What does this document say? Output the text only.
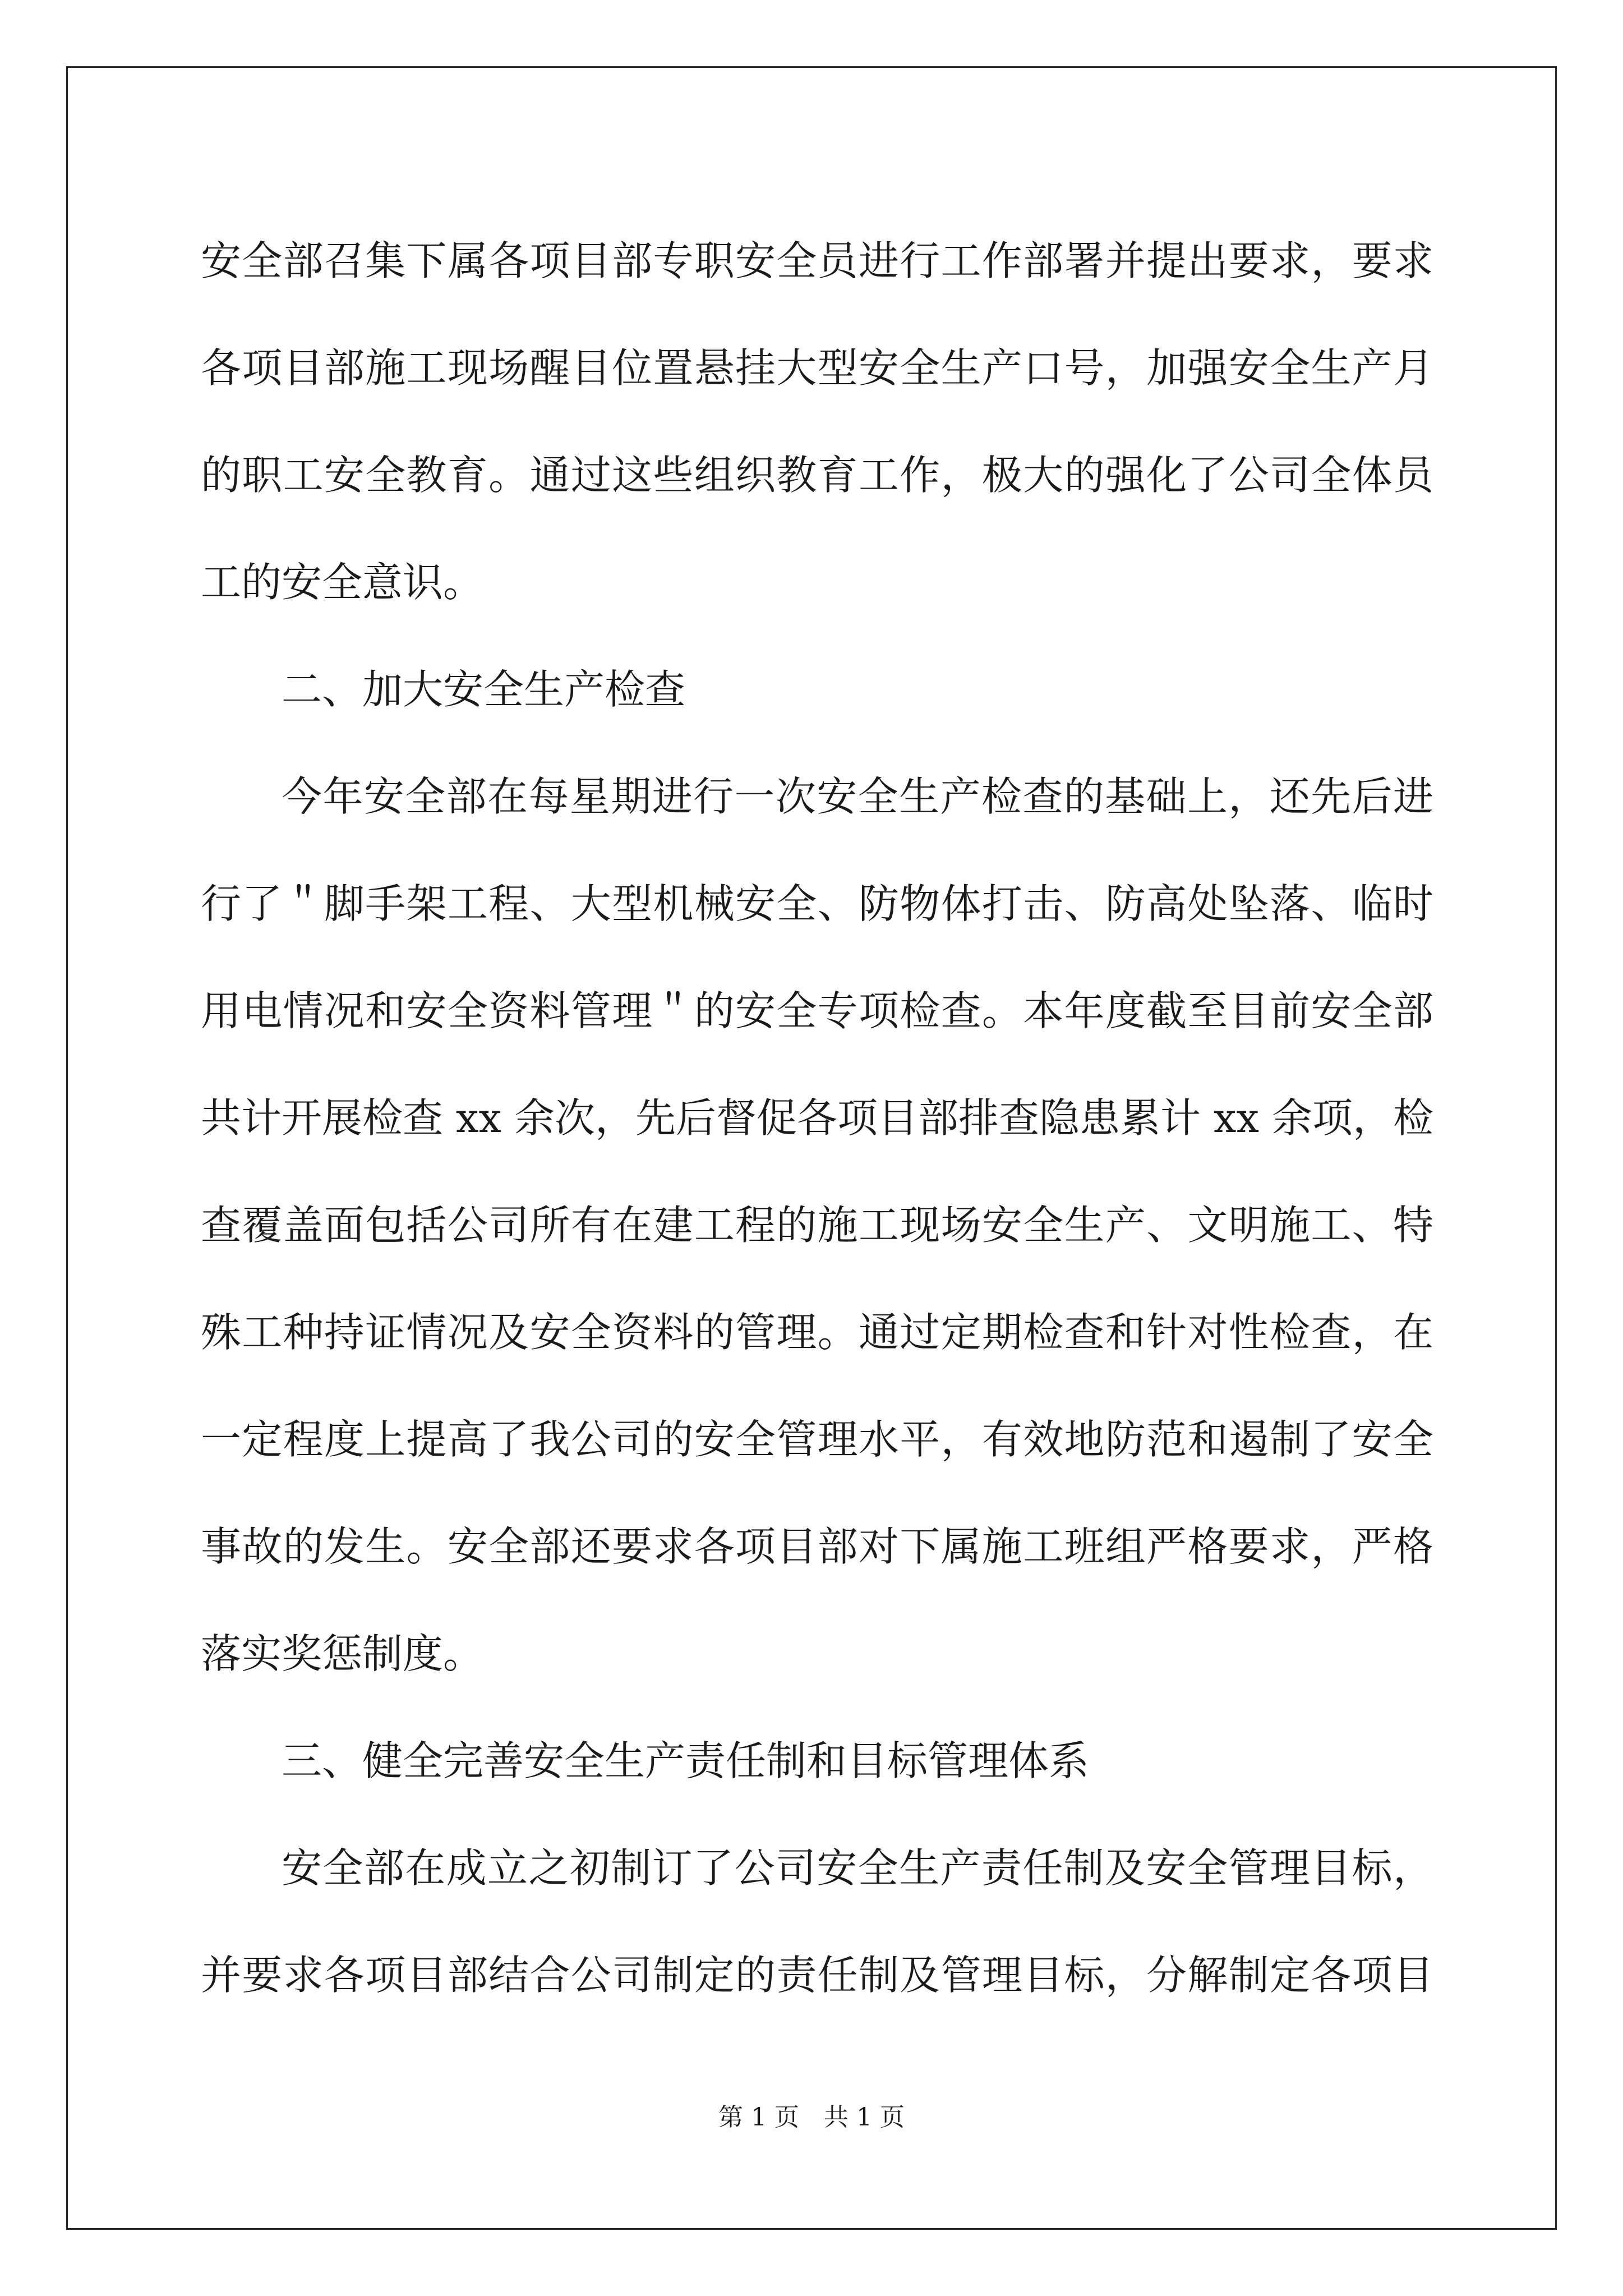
安全部召集下属各项目部专职安全员进行工作部署并提出要求，要求
各项目部施工现场醒目位置悬挂大型安全生产口号，加强安全生产月
的职工安全教育。通过这些组织教育工作，极大的强化了公司全体员
工的安全意识。
二、加大安全生产检查
今年安全部在每星期进行一次安全生产检查的基础上，还先后进
行了＂脚手架工程、大型机械安全、防物体打击、防高处坠落、临时
用电情况和安全资料管理＂的安全专项检查。本年度截至目前安全部
共计开展检查 xx 余次，先后督促各项目部排查隐患累计 xx 余项，检
查覆盖面包括公司所有在建工程的施工现场安全生产、文明施工、特
殊工种持证情况及安全资料的管理。通过定期检查和针对性检查，在
一定程度上提高了我公司的安全管理水平，有效地防范和遏制了安全
事故的发生。安全部还要求各项目部对下属施工班组严格要求，严格
落实奖惩制度。
三、健全完善安全生产责任制和目标管理体系
安全部在成立之初制订了公司安全生产责任制及安全管理目标，
并要求各项目部结合公司制定的责任制及管理目标，分解制定各项目
第 1 页　共 1 页
